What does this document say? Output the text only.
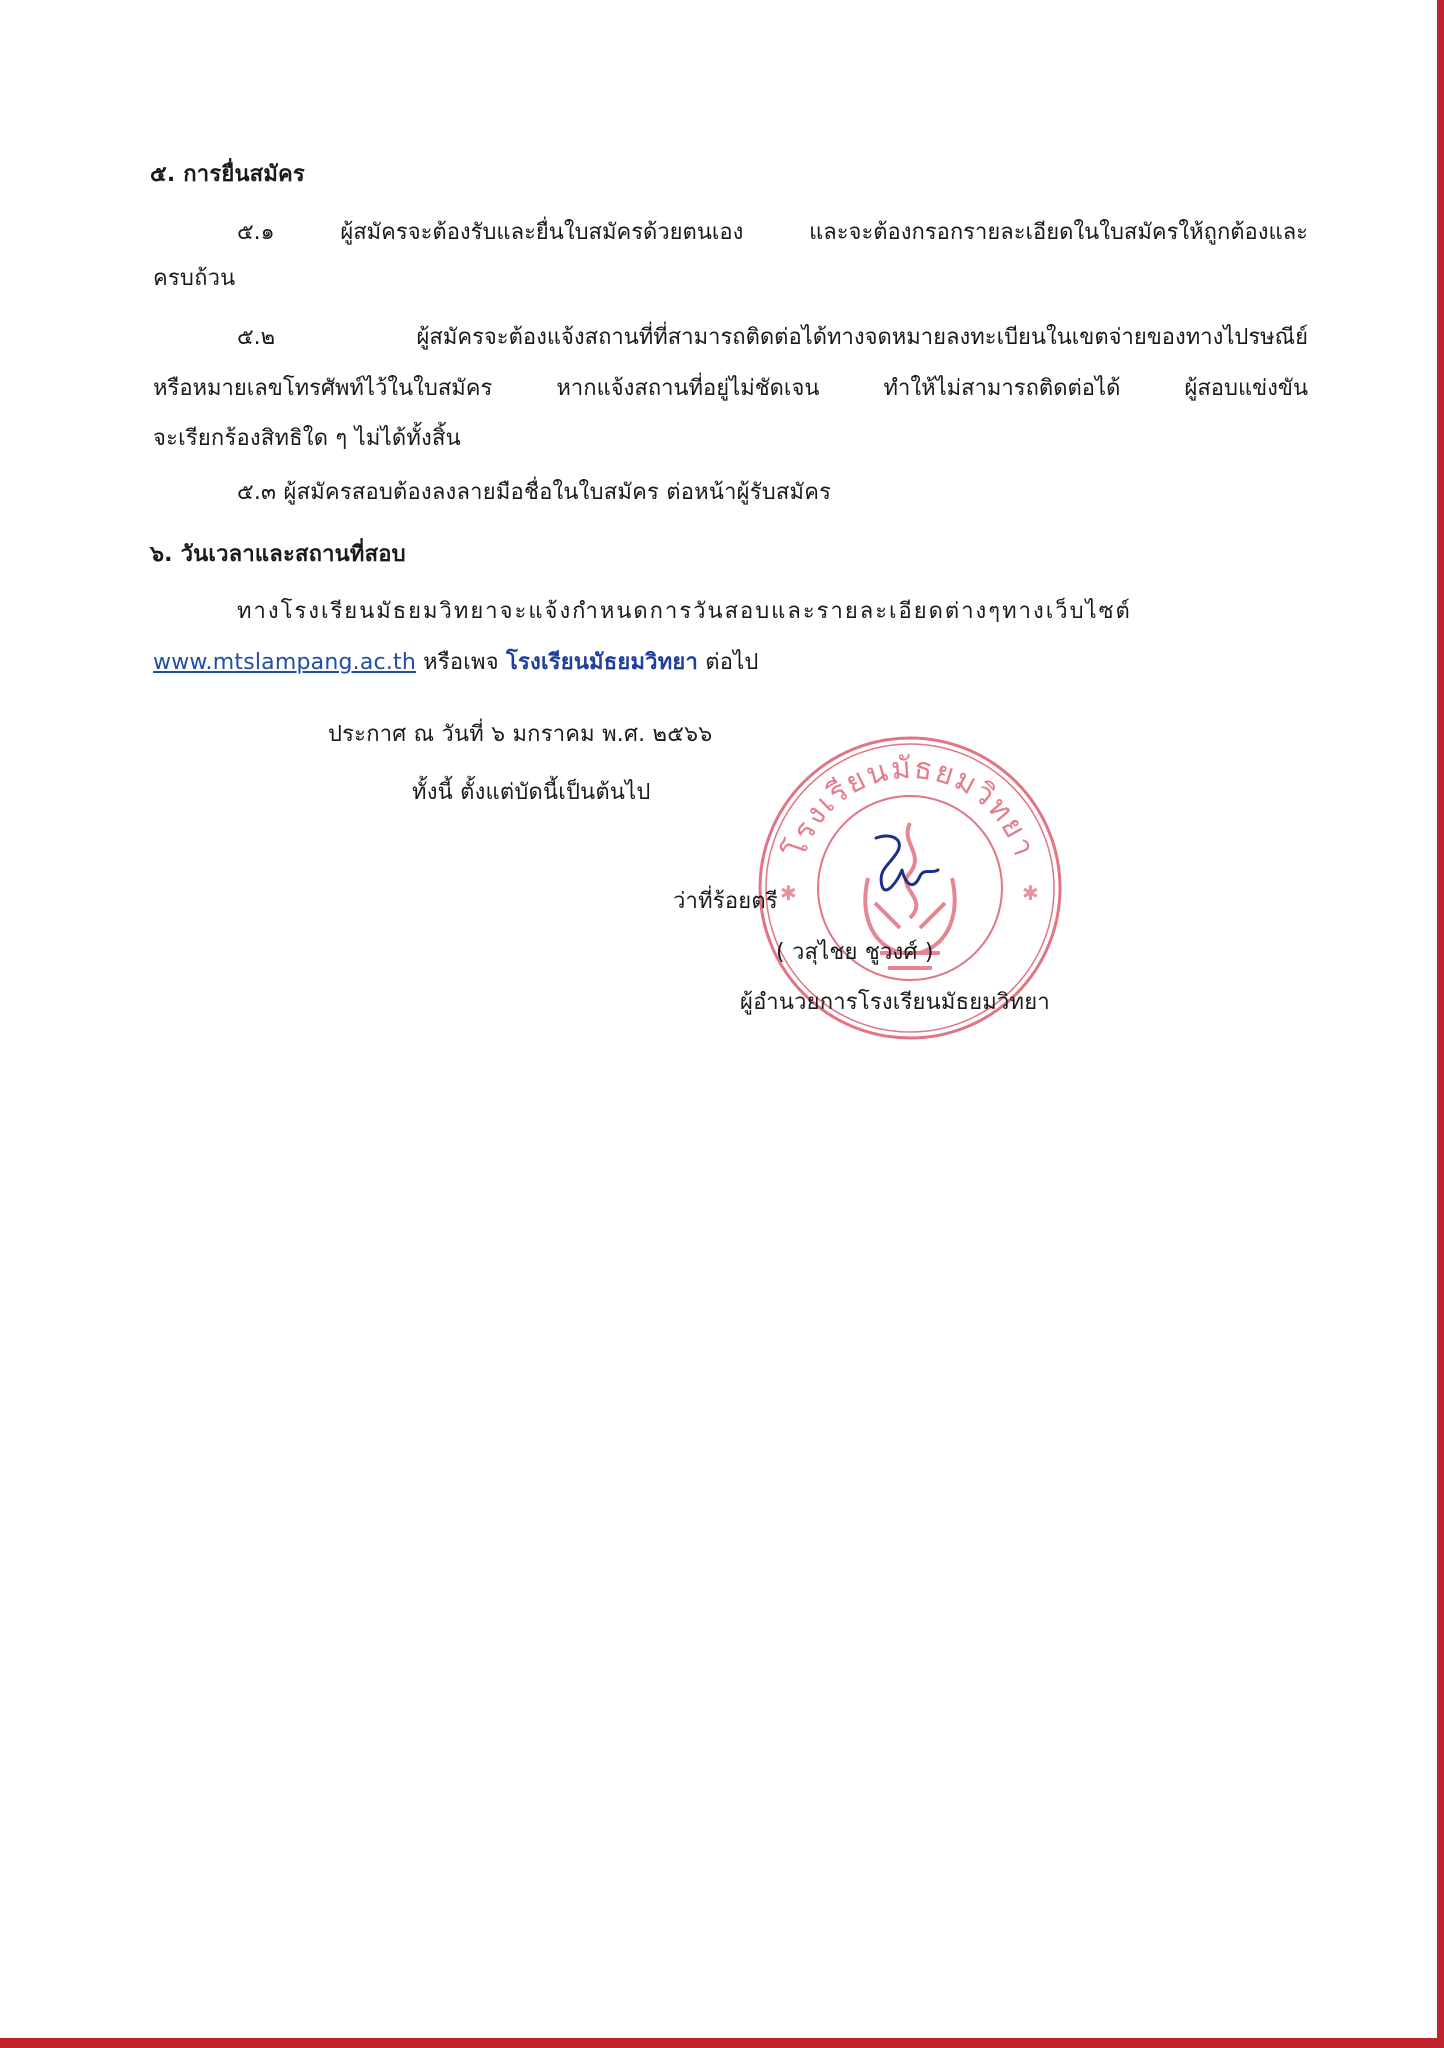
๕. การยื่นสมัคร
๕.๑ ผู้สมัครจะต้องรับและยื่นใบสมัครด้วยตนเอง และจะต้องกรอกรายละเอียดในใบสมัครให้ถูกต้องและ
ครบถ้วน
๕.๒ ผู้สมัครจะต้องแจ้งสถานที่ที่สามารถติดต่อได้ทางจดหมายลงทะเบียนในเขตจ่ายของทางไปรษณีย์
หรือหมายเลขโทรศัพท์ไว้ในใบสมัคร หากแจ้งสถานที่อยู่ไม่ชัดเจน ทำให้ไม่สามารถติดต่อได้ ผู้สอบแข่งขัน
จะเรียกร้องสิทธิใด ๆ ไม่ได้ทั้งสิ้น
๕.๓ ผู้สมัครสอบต้องลงลายมือชื่อในใบสมัคร ต่อหน้าผู้รับสมัคร
๖. วันเวลาและสถานที่สอบ
ทางโรงเรียนมัธยมวิทยาจะแจ้งกำหนดการวันสอบและรายละเอียดต่างๆทางเว็บไซต์
www.mtslampang.ac.th หรือเพจ โรงเรียนมัธยมวิทยา ต่อไป
ประกาศ ณ วันที่ ๖ มกราคม พ.ศ. ๒๕๖๖
ทั้งนี้ ตั้งแต่บัดนี้เป็นต้นไป
โรงเรียนมัธยมวิทยา
✱
✱
ว่าที่ร้อยตรี
( วสุไชย ชูวงศ์ )
ผู้อำนวยการโรงเรียนมัธยมวิทยา
